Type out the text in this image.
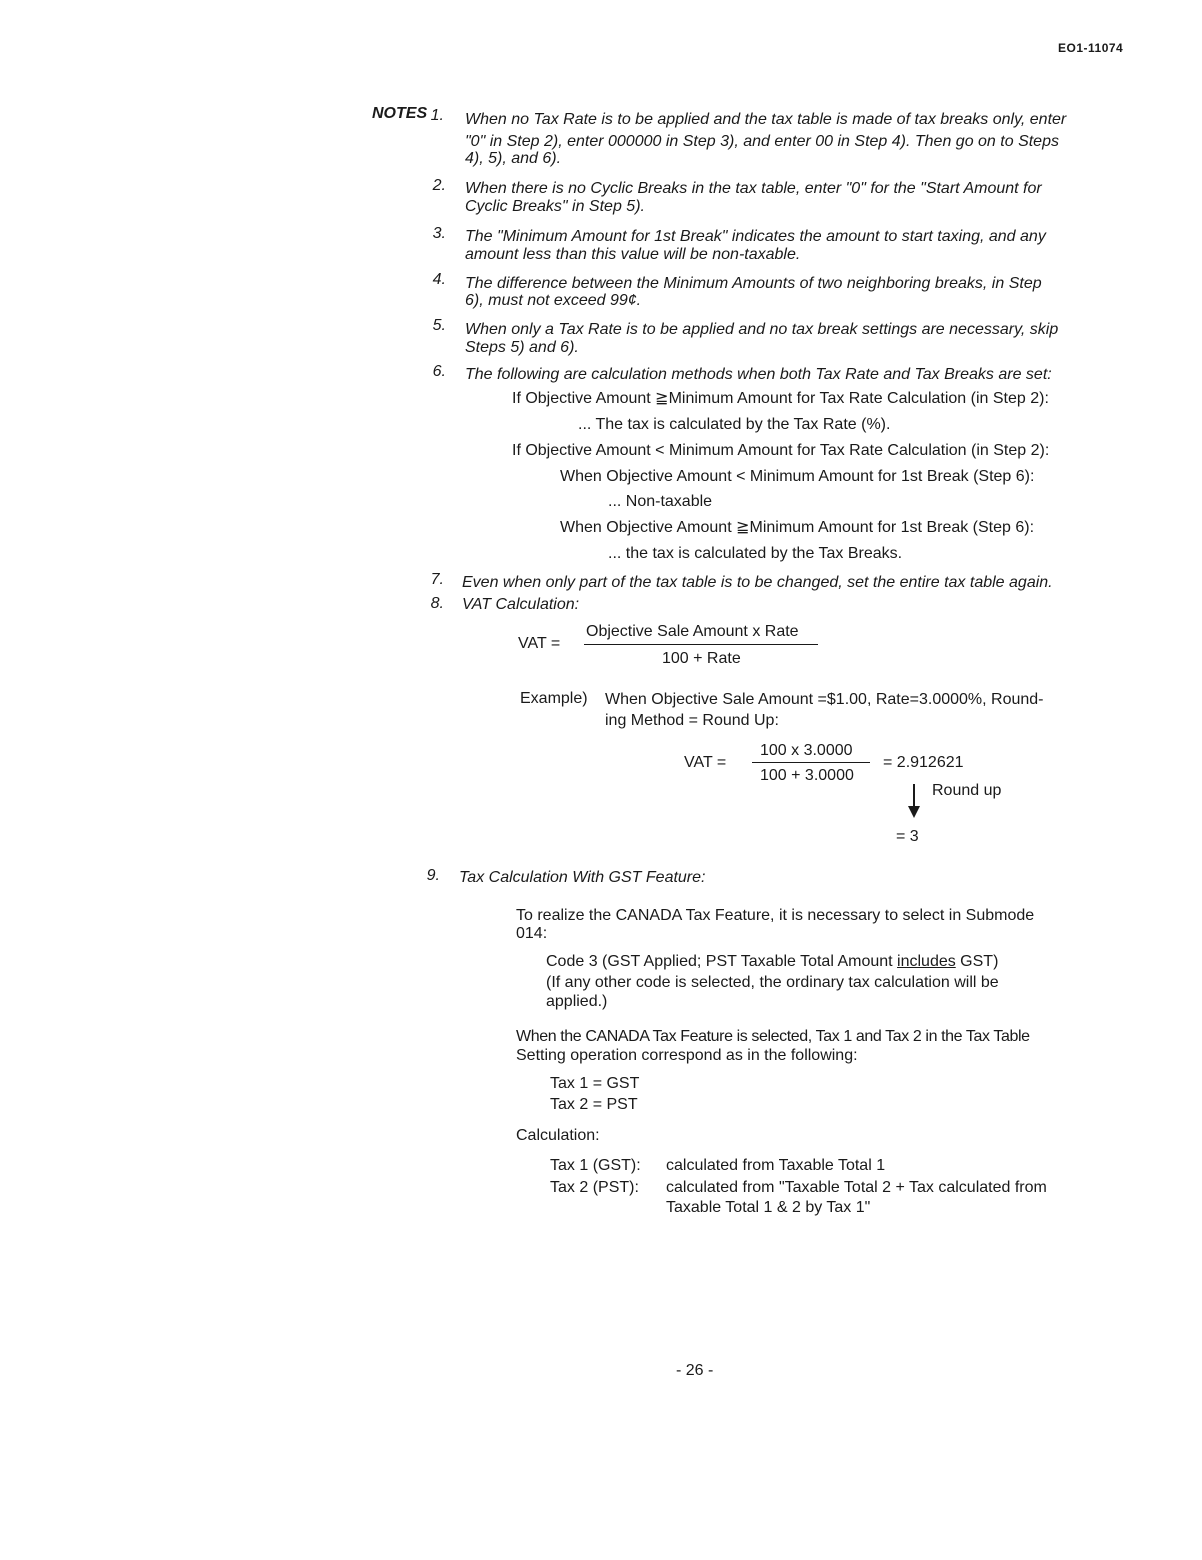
EO1-11074
NOTES 1. When no Tax Rate is to be applied and the tax table is made of tax breaks only, enter
"0" in Step 2), enter 000000 in Step 3), and enter 00 in Step 4). Then go on to Steps
4), 5), and 6).
2. When there is no Cyclic Breaks in the tax table, enter "0" for the "Start Amount for
Cyclic Breaks" in Step 5).
3. The "Minimum Amount for 1st Break" indicates the amount to start taxing, and any
amount less than this value will be non-taxable.
4. The difference between the Minimum Amounts of two neighboring breaks, in Step
6), must not exceed 99¢.
5. When only a Tax Rate is to be applied and no tax break settings are necessary, skip
Steps 5) and 6).
6. The following are calculation methods when both Tax Rate and Tax Breaks are set:
If Objective Amount ≧Minimum Amount for Tax Rate Calculation (in Step 2):
... The tax is calculated by the Tax Rate (%).
If Objective Amount < Minimum Amount for Tax Rate Calculation (in Step 2):
When Objective Amount < Minimum Amount for 1st Break (Step 6):
... Non-taxable
When Objective Amount ≧Minimum Amount for 1st Break (Step 6):
... the tax is calculated by the Tax Breaks.
7. Even when only part of the tax table is to be changed, set the entire tax table again.
8. VAT Calculation:
VAT =
Objective Sale Amount x Rate
100 + Rate
Example) When Objective Sale Amount =$1.00, Rate=3.0000%, Round-
ing Method = Round Up:
VAT =
100 x 3.0000
100 + 3.0000
= 2.912621
Round up
= 3
9. Tax Calculation With GST Feature:
To realize the CANADA Tax Feature, it is necessary to select in Submode
014:
Code 3 (GST Applied; PST Taxable Total Amount includes GST)
(If any other code is selected, the ordinary tax calculation will be
applied.)
When the CANADA Tax Feature is selected, Tax 1 and Tax 2 in the Tax Table
Setting operation correspond as in the following:
Tax 1 = GST
Tax 2 = PST
Calculation:
Tax 1 (GST): calculated from Taxable Total 1
Tax 2 (PST): calculated from "Taxable Total 2 + Tax calculated from
Taxable Total 1 & 2 by Tax 1"
- 26 -
